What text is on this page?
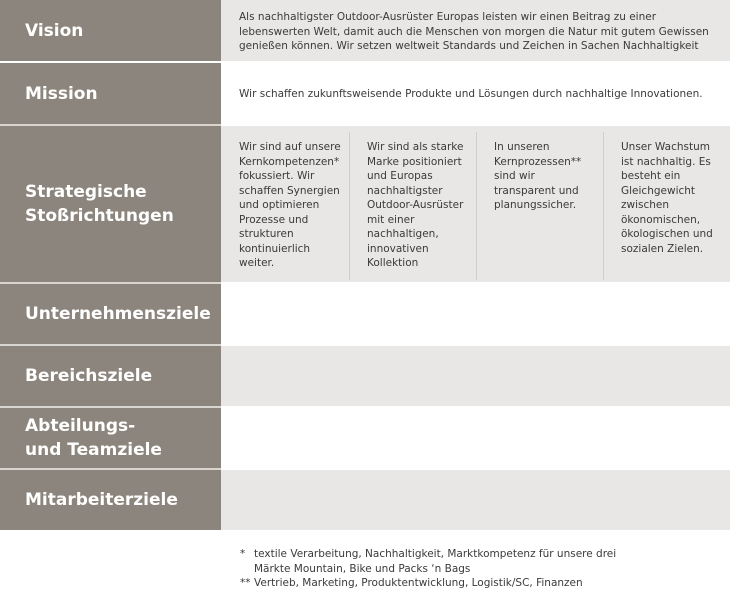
Vision
Als nachhaltigster Outdoor-Ausrüster Europas leisten wir einen Beitrag zu einer lebenswerten Welt, damit auch die Menschen von morgen die Natur mit gutem Gewissen genießen können. Wir setzen weltweit Standards und Zeichen in Sachen Nachhaltigkeit
Mission	Wir schaffen zukunftsweisende Produkte und Lösungen durch nachhaltige Innovationen.
Strategische
Stoßrichtungen
Wir sind auf unsere Kernkompetenzen* fokussiert. Wir schaffen Synergien und optimieren Prozesse und strukturen kontinuierlich weiter.
Wir sind als starke Marke positioniert und Europas nachhaltigster Outdoor-Ausrüster mit einer nachhaltigen, innovativen Kollektion
In unseren Kernprozessen** sind wir transparent und planungssicher.
Unser Wachstum ist nachhaltig. Es besteht ein Gleichgewicht zwischen ökonomischen, ökologischen und sozialen Zielen.
Unternehmensziele
Bereichsziele
Abteilungs-
und Teamziele
Mitarbeiterziele
* textile Verarbeitung, Nachhaltigkeit, Marktkompetenz für unsere drei
Märkte Mountain, Bike und Packs ‘n Bags
** Vertrieb, Marketing, Produktentwicklung, Logistik/SC, Finanzen
